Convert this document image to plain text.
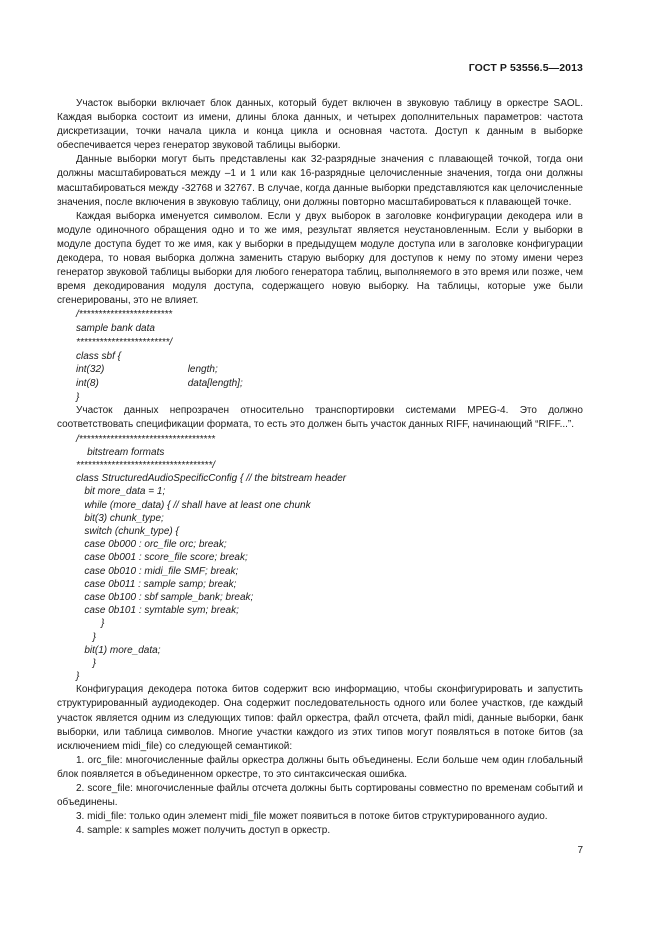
ГОСТ Р 53556.5—2013

Участок выборки включает блок данных, который будет включен в звуковую таблицу в оркестре SAOL. Каждая выборка состоит из имени, длины блока данных, и четырех дополнительных параметров: частота дискретизации, точки начала цикла и конца цикла и основная частота. Доступ к данным в выборке обеспечивается через генератор звуковой таблицы выборки.

Данные выборки могут быть представлены как 32-разрядные значения с плавающей точкой, тогда они должны масштабироваться между –1 и 1 или как 16-разрядные целочисленные значения, тогда они должны масштабироваться между -32768 и 32767. В случае, когда данные выборки представляются как целочисленные значения, после включения в звуковую таблицу, они должны повторно масштабироваться к плавающей точке.

Каждая выборка именуется символом. Если у двух выборок в заголовке конфигурации декодера или в модуле одиночного обращения одно и то же имя, результат является неустановленным. Если у выборки в модуле доступа будет то же имя, как у выборки в предыдущем модуле доступа или в заголовке конфигурации декодера, то новая выборка должна заменить старую выборку для доступов к нему по этому имени через генератор звуковой таблицы выборки для любого генератора таблиц, выполняемого в это время или позже, чем время декодирования модуля доступа, содержащего новую выборку. На таблицы, которые уже были сгенерированы, это не влияет.

/************************

sample bank data

************************/

class sbf {

int(32)                              length;

int(8)                                data[length];

}

Участок данных непрозрачен относительно транспортировки системами MPEG-4. Это должно соответствовать спецификации формата, то есть это должен быть участок данных RIFF, начинающий “RIFF...”.

/***********************************

bitstream formats

***********************************/

class StructuredAudioSpecificConfig { // the bitstream header

bit more_data = 1;

while (more_data) { // shall have at least one chunk

bit(3) chunk_type;

switch (chunk_type) {

case 0b000 : orc_file orc; break;

case 0b001 : score_file score; break;

case 0b010 : midi_file SMF; break;

case 0b011 : sample samp; break;

case 0b100 : sbf sample_bank; break;

case 0b101 : symtable sym; break;

}

}

bit(1) more_data;

}

}

Конфигурация декодера потока битов содержит всю информацию, чтобы сконфигурировать и запустить структурированный аудиодекодер. Она содержит последовательность одного или более участков, где каждый участок является одним из следующих типов: файл оркестра, файл отсчета, файл midi, данные выборки, банк выборки, или таблица символов. Многие участки каждого из этих типов могут появляться в потоке битов (за исключением midi_file) со следующей семантикой:

1. orc_file: многочисленные файлы оркестра должны быть объединены. Если больше чем один глобальный блок появляется в объединенном оркестре, то это синтаксическая ошибка.

2. score_file: многочисленные файлы отсчета должны быть сортированы совместно по временам событий и объединены.

3. midi_file: только один элемент midi_file может появиться в потоке битов структурированного аудио.

4. sample: к samples может получить доступ в оркестр.

7
